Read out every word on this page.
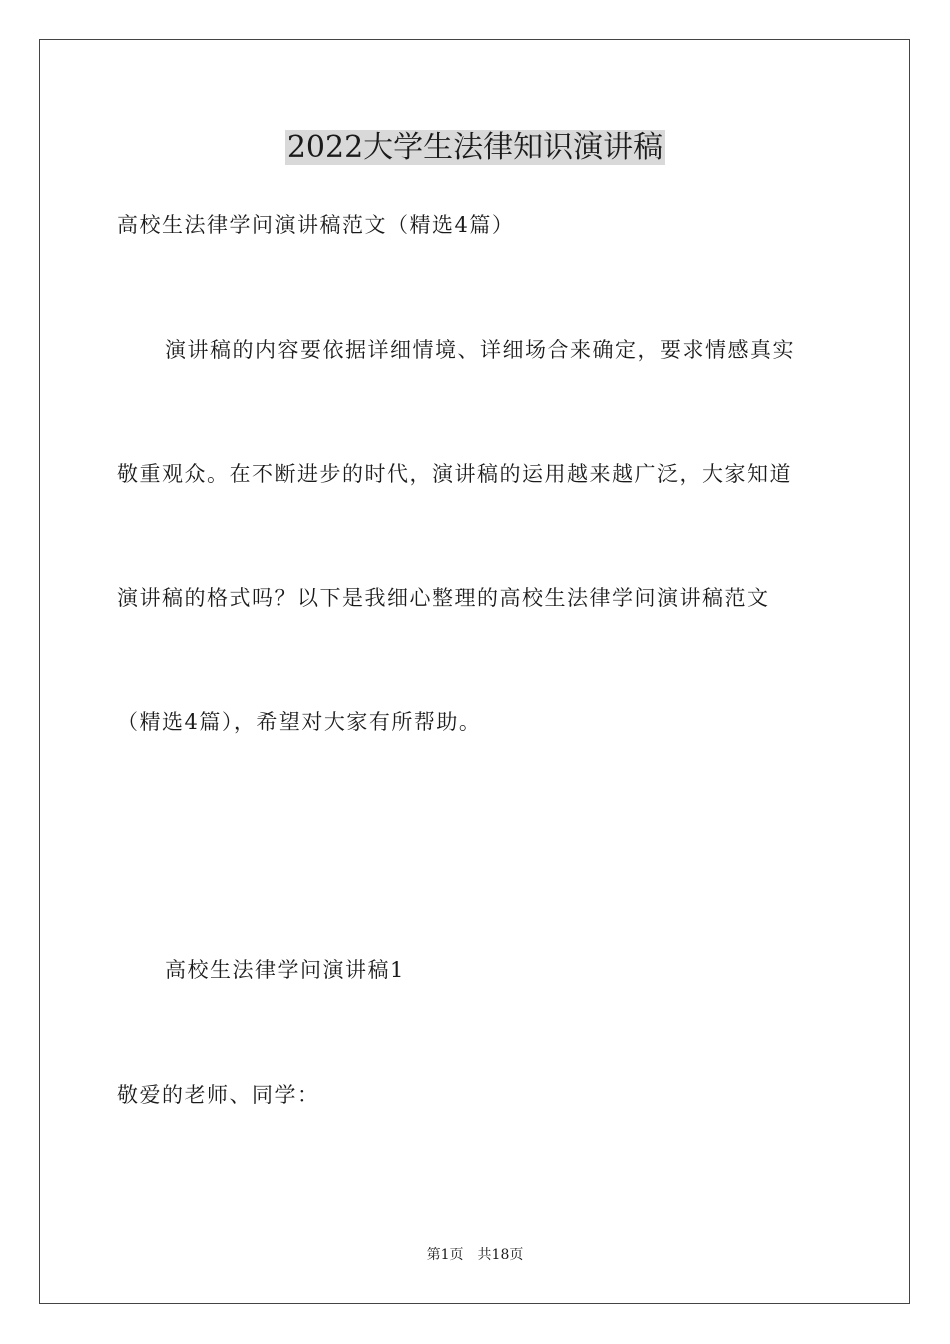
2022大学生法律知识演讲稿
高校生法律学问演讲稿范文（精选4篇）
演讲稿的内容要依据详细情境、详细场合来确定，要求情感真实
敬重观众。在不断进步的时代，演讲稿的运用越来越广泛，大家知道
演讲稿的格式吗？以下是我细心整理的高校生法律学问演讲稿范文
（精选4篇），希望对大家有所帮助。
高校生法律学问演讲稿1
敬爱的老师、同学：
第1页 共18页
